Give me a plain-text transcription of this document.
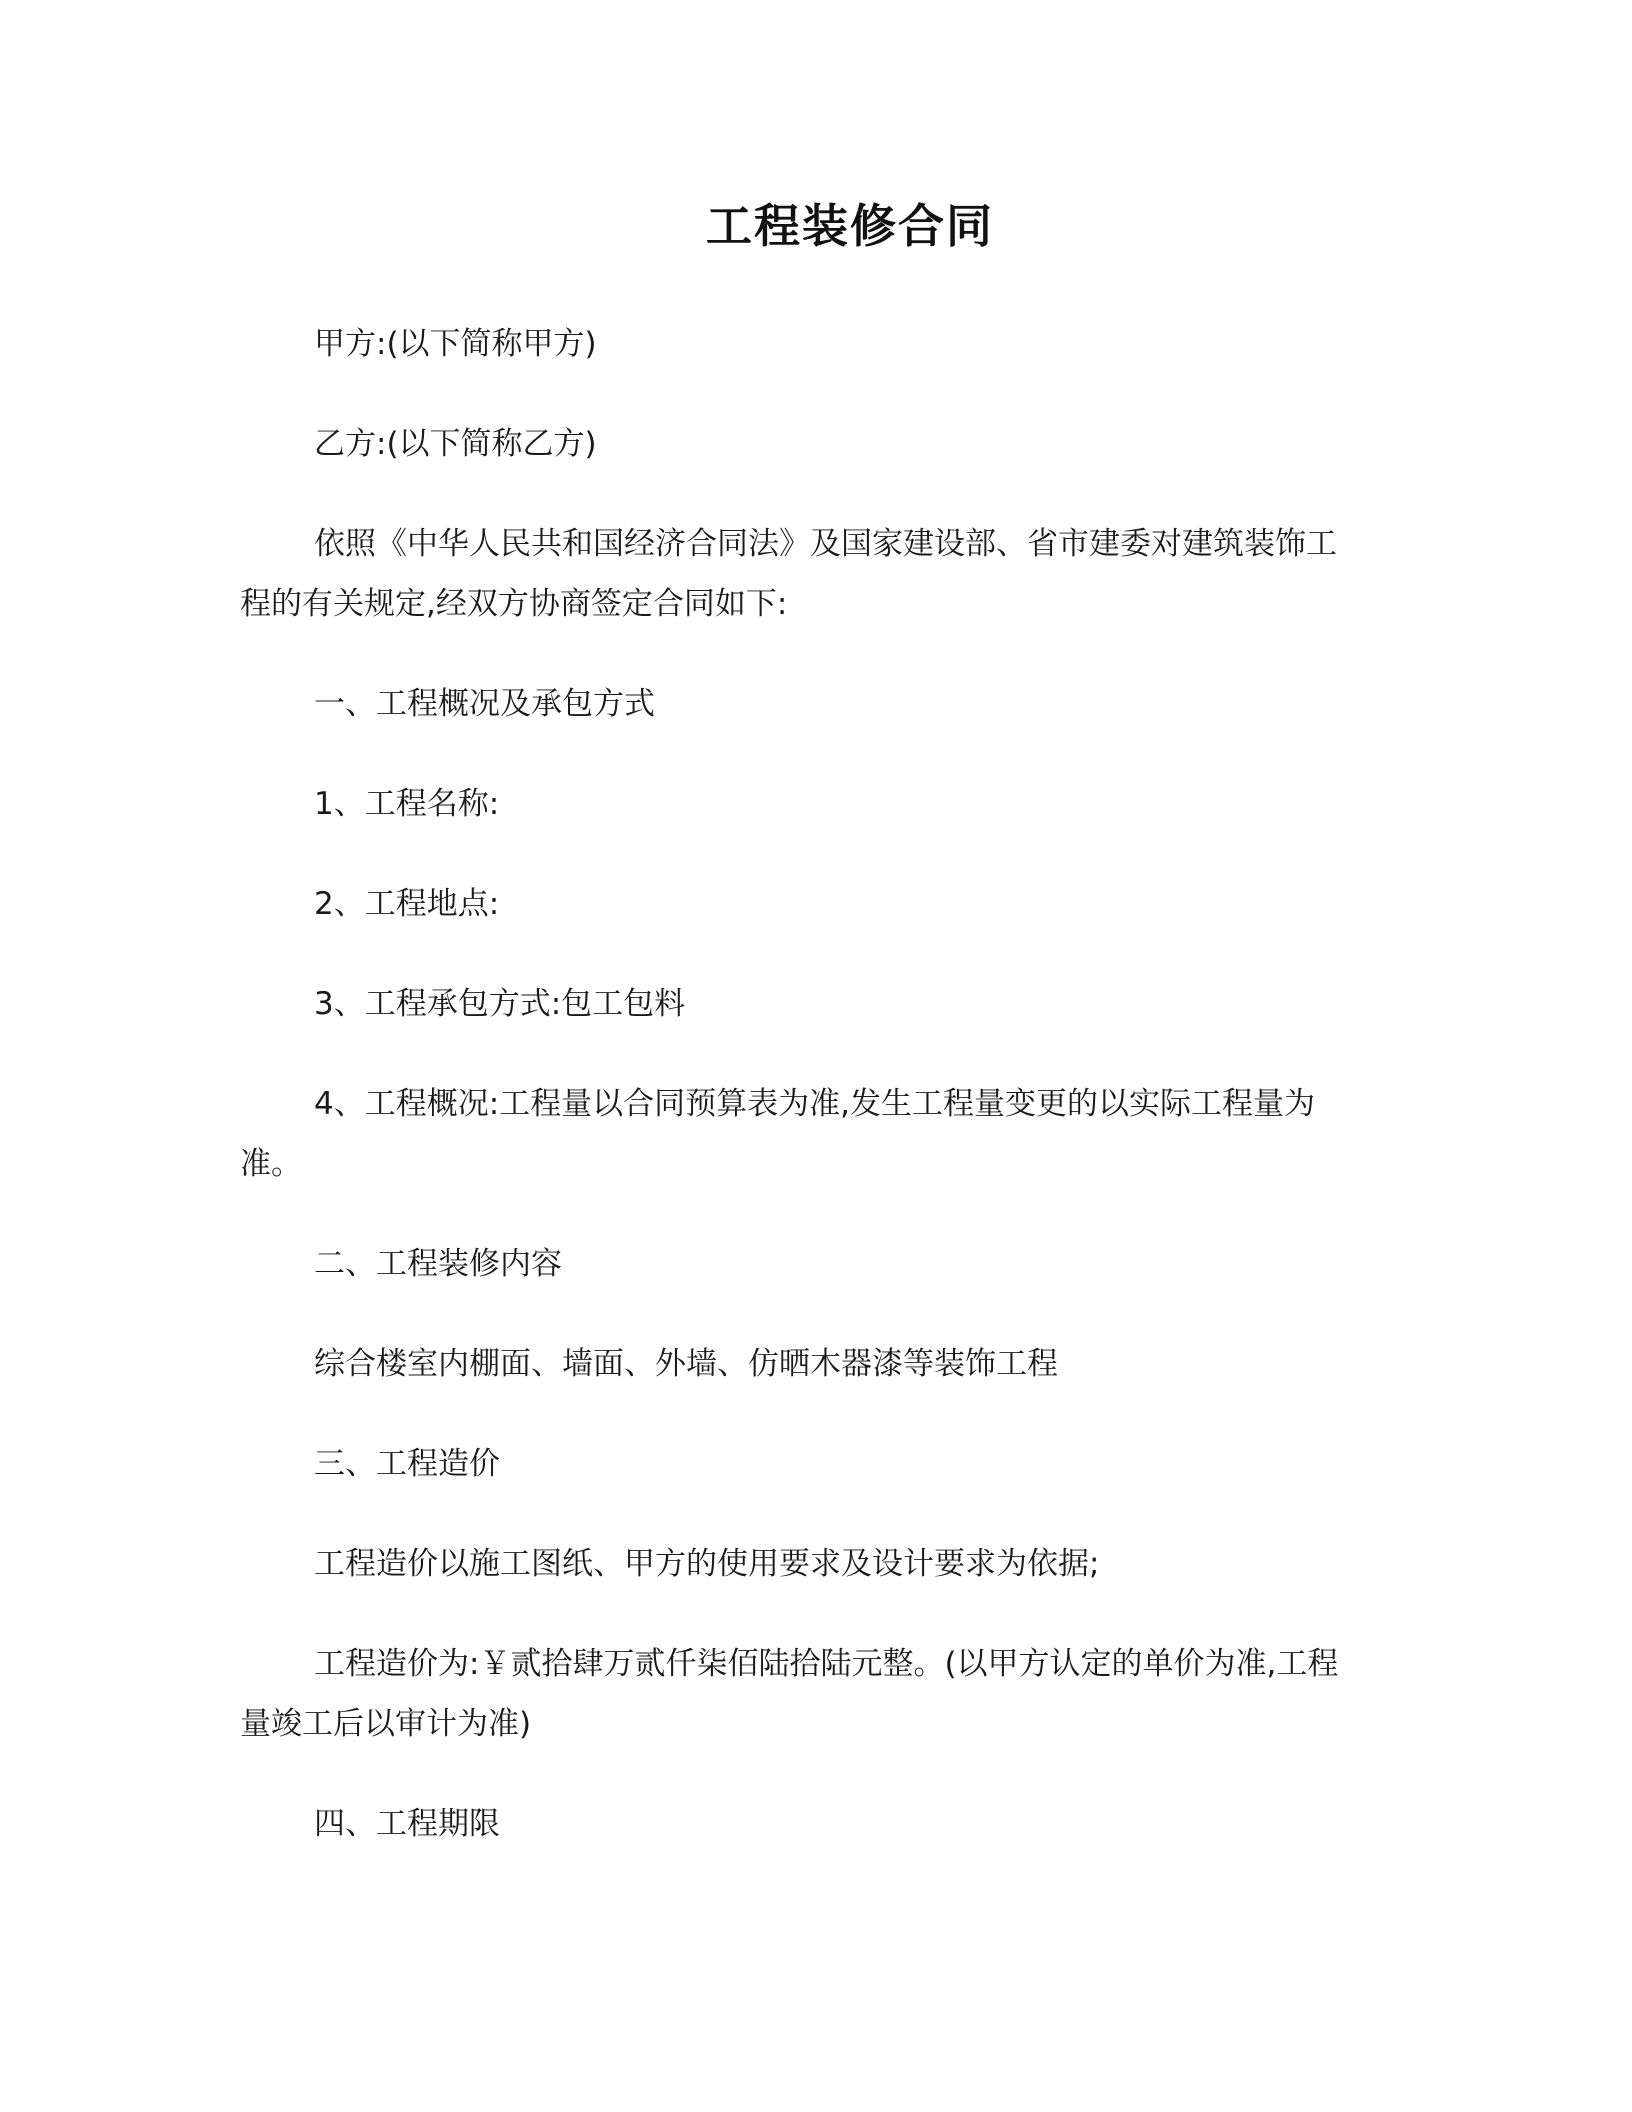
工程装修合同
甲方:(以下简称甲方)
乙方:(以下简称乙方)
依照《中华人民共和国经济合同法》及国家建设部、省市建委对建筑装饰工
程的有关规定,经双方协商签定合同如下:
一、工程概况及承包方式
1、工程名称:
2、工程地点:
3、工程承包方式:包工包料
4、工程概况:工程量以合同预算表为准,发生工程量变更的以实际工程量为
准。
二、工程装修内容
综合楼室内棚面、墙面、外墙、仿晒木器漆等装饰工程
三、工程造价
工程造价以施工图纸、甲方的使用要求及设计要求为依据;
工程造价为:￥贰拾肆万贰仟柒佰陆拾陆元整。(以甲方认定的单价为准,工程
量竣工后以审计为准)
四、工程期限
